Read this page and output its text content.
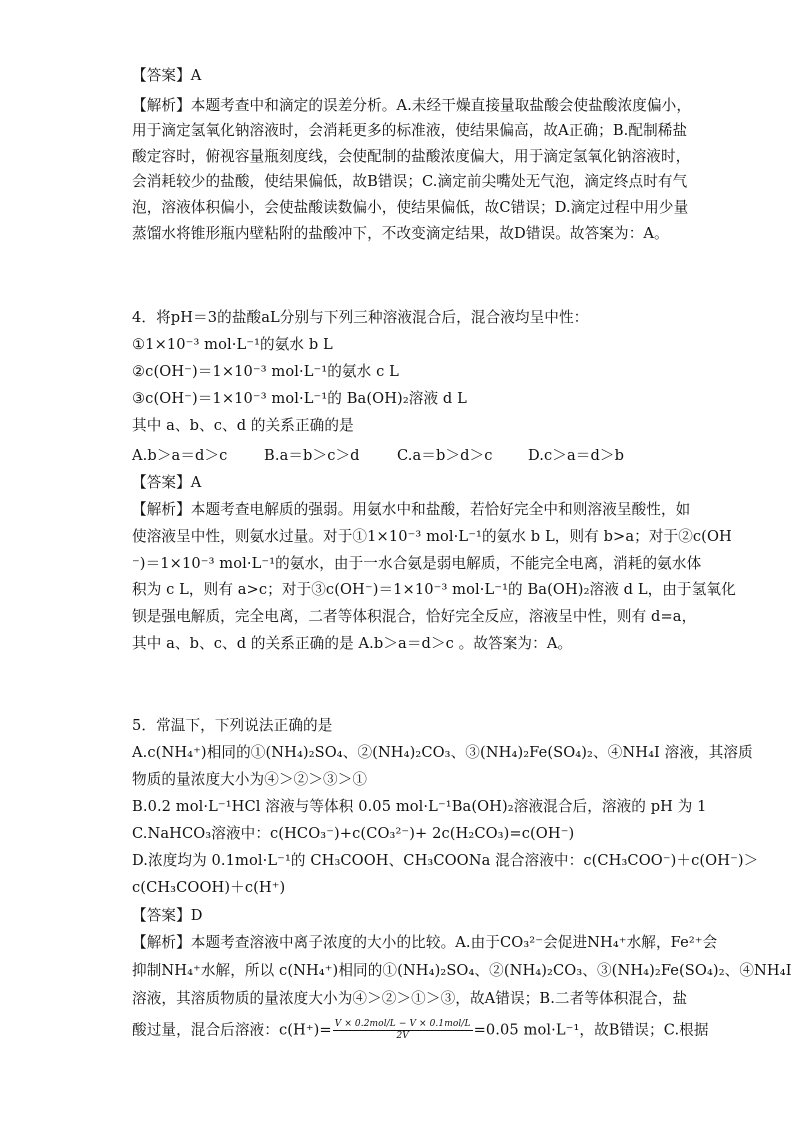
【答案】A
【解析】本题考查中和滴定的误差分析。A.未经干燥直接量取盐酸会使盐酸浓度偏小，
用于滴定氢氧化钠溶液时，会消耗更多的标准液，使结果偏高，故A正确；B.配制稀盐
酸定容时，俯视容量瓶刻度线，会使配制的盐酸浓度偏大，用于滴定氢氧化钠溶液时，
会消耗较少的盐酸，使结果偏低，故B错误；C.滴定前尖嘴处无气泡，滴定终点时有气
泡，溶液体积偏小，会使盐酸读数偏小，使结果偏低，故C错误；D.滴定过程中用少量
蒸馏水将锥形瓶内壁粘附的盐酸冲下，不改变滴定结果，故D错误。故答案为：A。
4．将pH＝3的盐酸aL分别与下列三种溶液混合后，混合液均呈中性：
①1×10⁻³ mol·L⁻¹的氨水 b L
②c(OH⁻)＝1×10⁻³ mol·L⁻¹的氨水 c L
③c(OH⁻)＝1×10⁻³ mol·L⁻¹的 Ba(OH)₂溶液 d L
其中 a、b、c、d 的关系正确的是
A.b＞a＝d＞c	B.a＝b＞c＞d	C.a＝b＞d＞c D.c＞a＝d＞b
【答案】A
【解析】本题考查电解质的强弱。用氨水中和盐酸，若恰好完全中和则溶液呈酸性，如
使溶液呈中性，则氨水过量。对于①1×10⁻³ mol·L⁻¹的氨水 b L，则有 b>a；对于②c(OH
⁻)＝1×10⁻³ mol·L⁻¹的氨水，由于一水合氨是弱电解质，不能完全电离，消耗的氨水体
积为 c L，则有 a>c；对于③c(OH⁻)＝1×10⁻³ mol·L⁻¹的 Ba(OH)₂溶液 d L，由于氢氧化
钡是强电解质，完全电离，二者等体积混合，恰好完全反应，溶液呈中性，则有 d=a，
其中 a、b、c、d 的关系正确的是 A.b＞a＝d＞c 。故答案为：A。
5．常温下，下列说法正确的是
A.c(NH₄⁺)相同的①(NH₄)₂SO₄、②(NH₄)₂CO₃、③(NH₄)₂Fe(SO₄)₂、④NH₄I 溶液，其溶质
物质的量浓度大小为④＞②＞③＞①
B.0.2 mol·L⁻¹HCl 溶液与等体积 0.05 mol·L⁻¹Ba(OH)₂溶液混合后，溶液的 pH 为 1
C.NaHCO₃溶液中：c(HCO₃⁻)+c(CO₃²⁻)+ 2c(H₂CO₃)=c(OH⁻)
D.浓度均为 0.1mol·L⁻¹的 CH₃COOH、CH₃COONa 混合溶液中：c(CH₃COO⁻)＋c(OH⁻)＞
c(CH₃COOH)＋c(H⁺)
【答案】D
【解析】本题考查溶液中离子浓度的大小的比较。A.由于CO₃²⁻会促进NH₄⁺水解，Fe²⁺会
抑制NH₄⁺水解，所以 c(NH₄⁺)相同的①(NH₄)₂SO₄、②(NH₄)₂CO₃、③(NH₄)₂Fe(SO₄)₂、④NH₄I
溶液，其溶质物质的量浓度大小为④＞②＞①＞③，故A错误；B.二者等体积混合，盐
酸过量，混合后溶液：$c(H^+)= \frac{\text{V × 0.2mol/L − V × 0.1mol/L}}{2V} =0.05$ mol·L⁻¹，故B错误；C.根据
